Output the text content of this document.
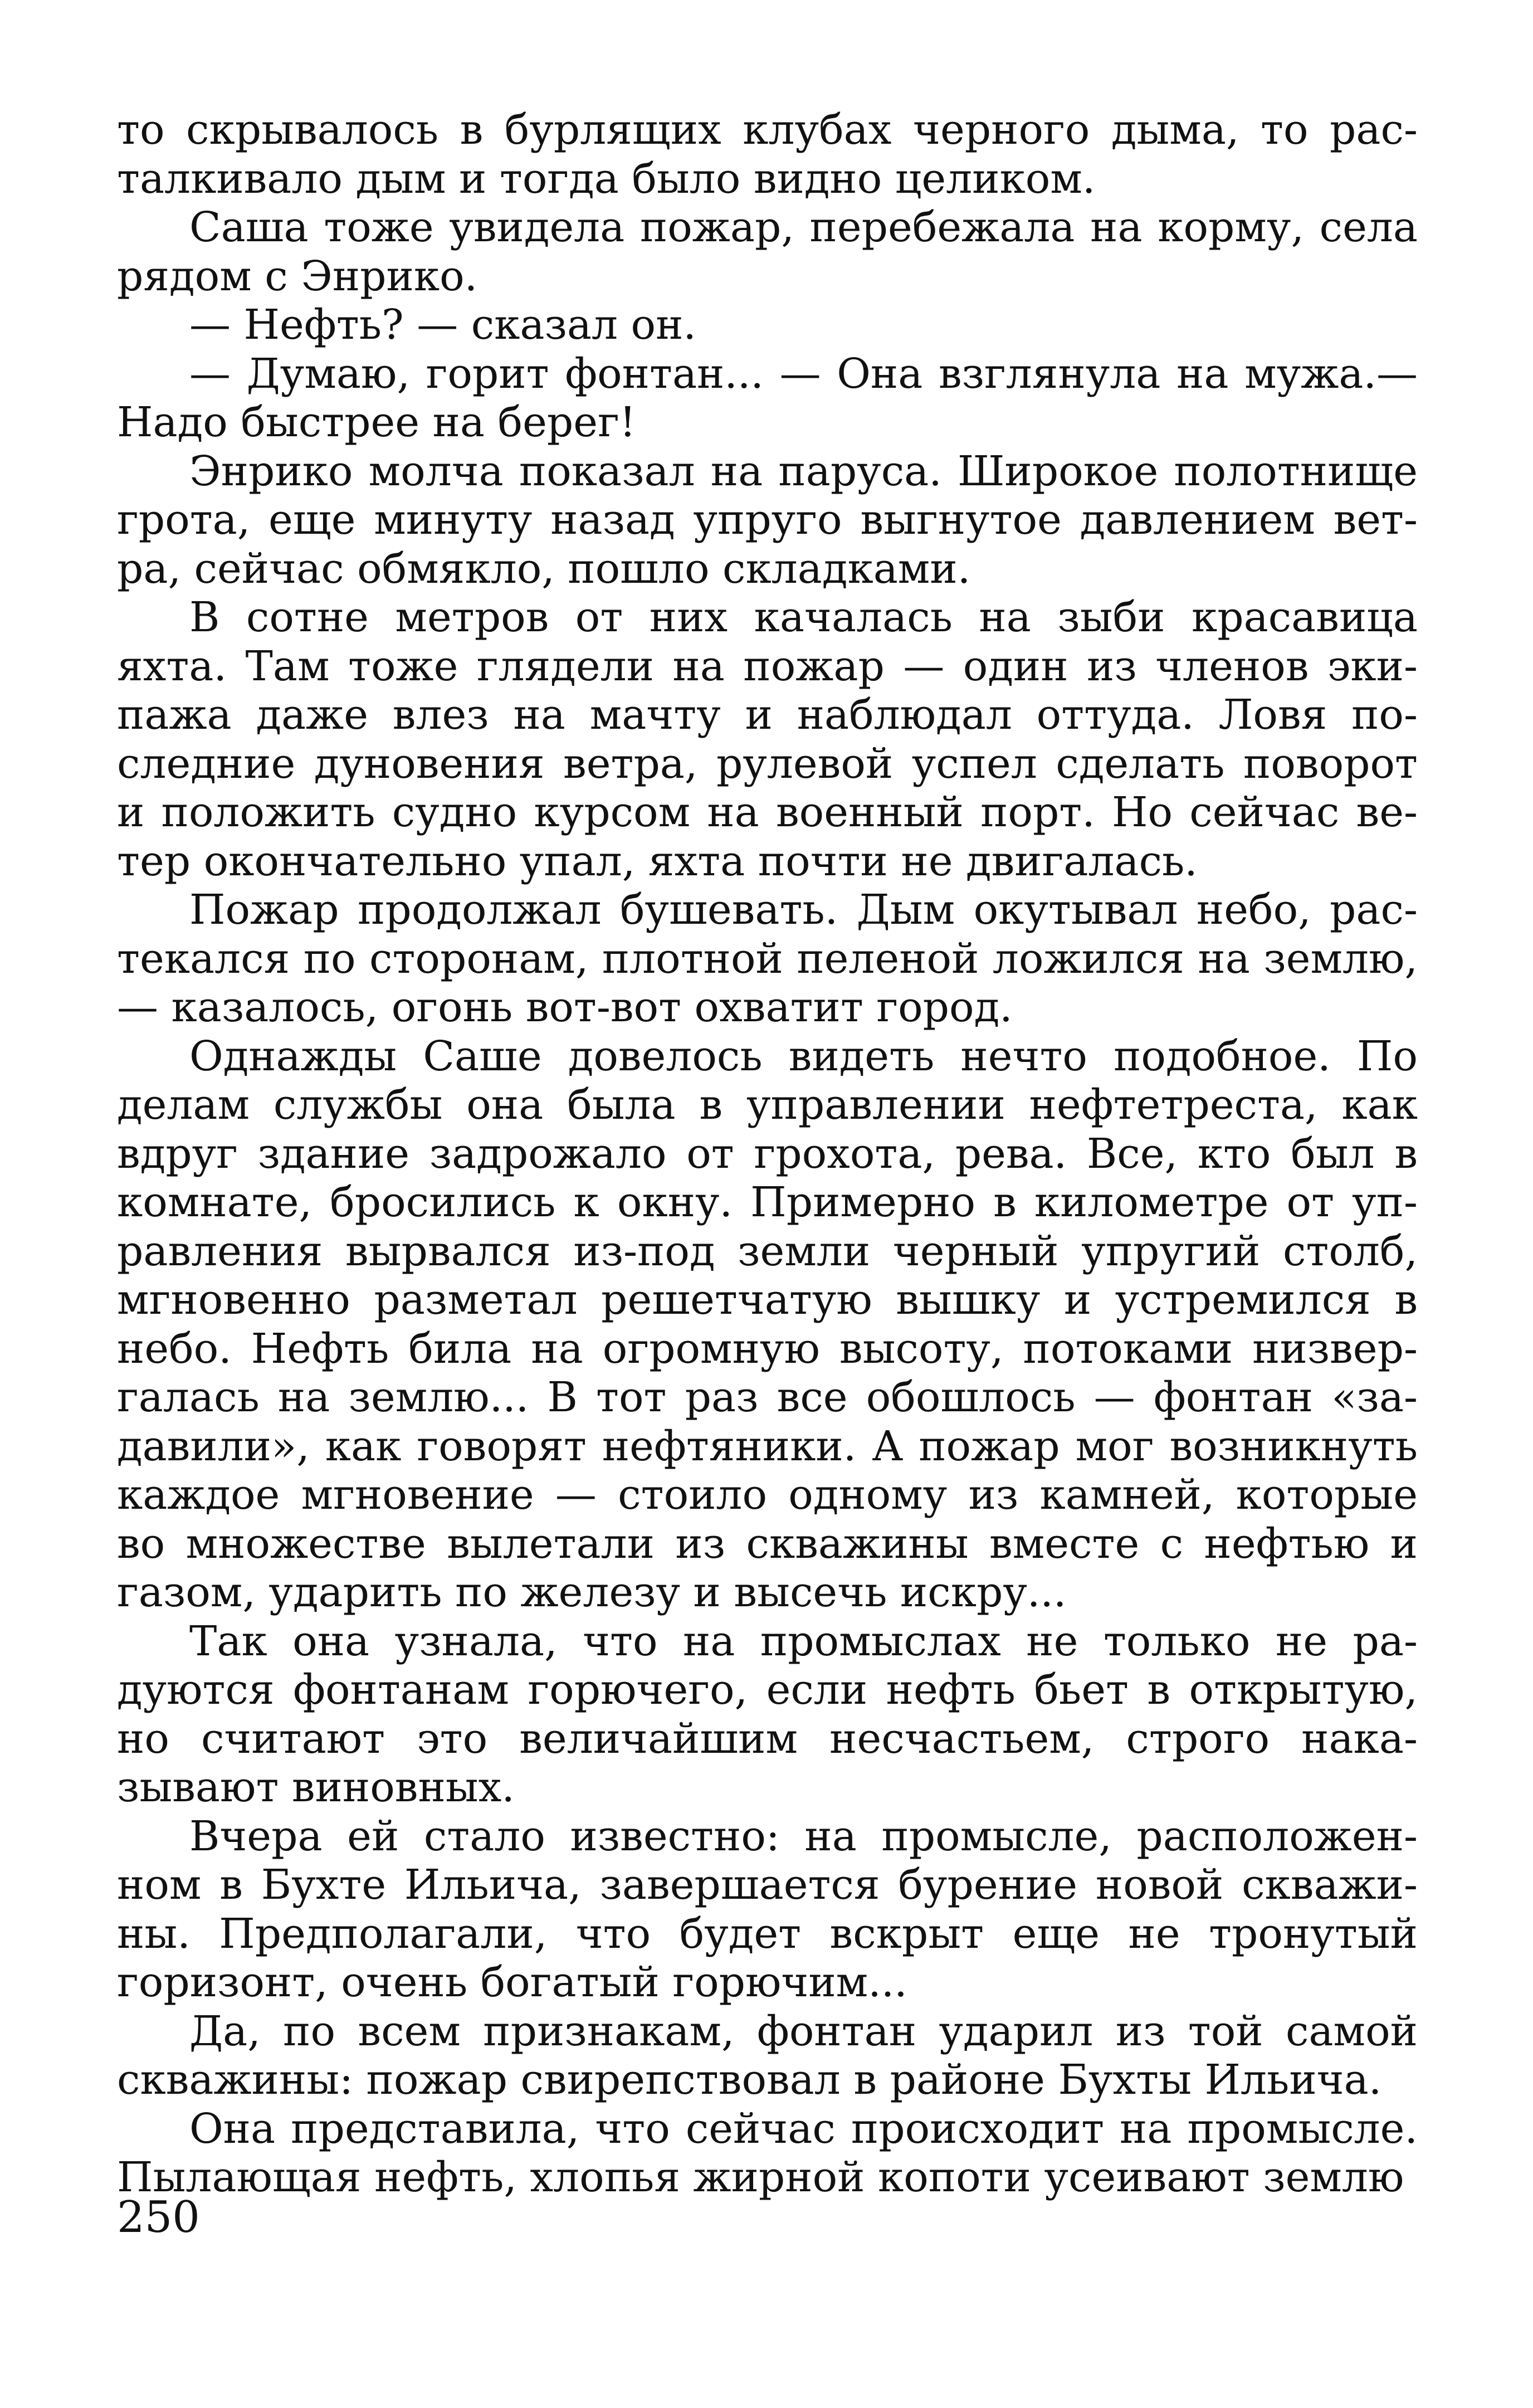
то скрывалось в бурлящих клубах черного дыма, то расталкивало дым и тогда было видно целиком.

Саша тоже увидела пожар, перебежала на корму, села рядом с Энрико.

— Нефть? — сказал он.

— Думаю, горит фонтан... — Она взглянула на мужа.— Надо быстрее на берег!

Энрико молча показал на паруса. Широкое полотнище грота, еще минуту назад упруго выгнутое давлением ветра, сейчас обмякло, пошло складками.

В сотне метров от них качалась на зыби красавица яхта. Там тоже глядели на пожар — один из членов экипажа даже влез на мачту и наблюдал оттуда. Ловя последние дуновения ветра, рулевой успел сделать поворот и положить судно курсом на военный порт. Но сейчас ветер окончательно упал, яхта почти не двигалась.

Пожар продолжал бушевать. Дым окутывал небо, растекался по сторонам, плотной пеленой ложился на землю, — казалось, огонь вот-вот охватит город.

Однажды Саше довелось видеть нечто подобное. По делам службы она была в управлении нефтетреста, как вдруг здание задрожало от грохота, рева. Все, кто был в комнате, бросились к окну. Примерно в километре от управления вырвался из-под земли черный упругий столб, мгновенно разметал решетчатую вышку и устремился в небо. Нефть била на огромную высоту, потоками низвергалась на землю... В тот раз все обошлось — фонтан «задавили», как говорят нефтяники. А пожар мог возникнуть каждое мгновение — стоило одному из камней, которые во множестве вылетали из скважины вместе с нефтью и газом, ударить по железу и высечь искру...

Так она узнала, что на промыслах не только не радуются фонтанам горючего, если нефть бьет в открытую, но считают это величайшим несчастьем, строго наказывают виновных.

Вчера ей стало известно: на промысле, расположенном в Бухте Ильича, завершается бурение новой скважины. Предполагали, что будет вскрыт еще не тронутый горизонт, очень богатый горючим...

Да, по всем признакам, фонтан ударил из той самой скважины: пожар свирепствовал в районе Бухты Ильича.

Она представила, что сейчас происходит на промысле. Пылающая нефть, хлопья жирной копоти усеивают землю

250
